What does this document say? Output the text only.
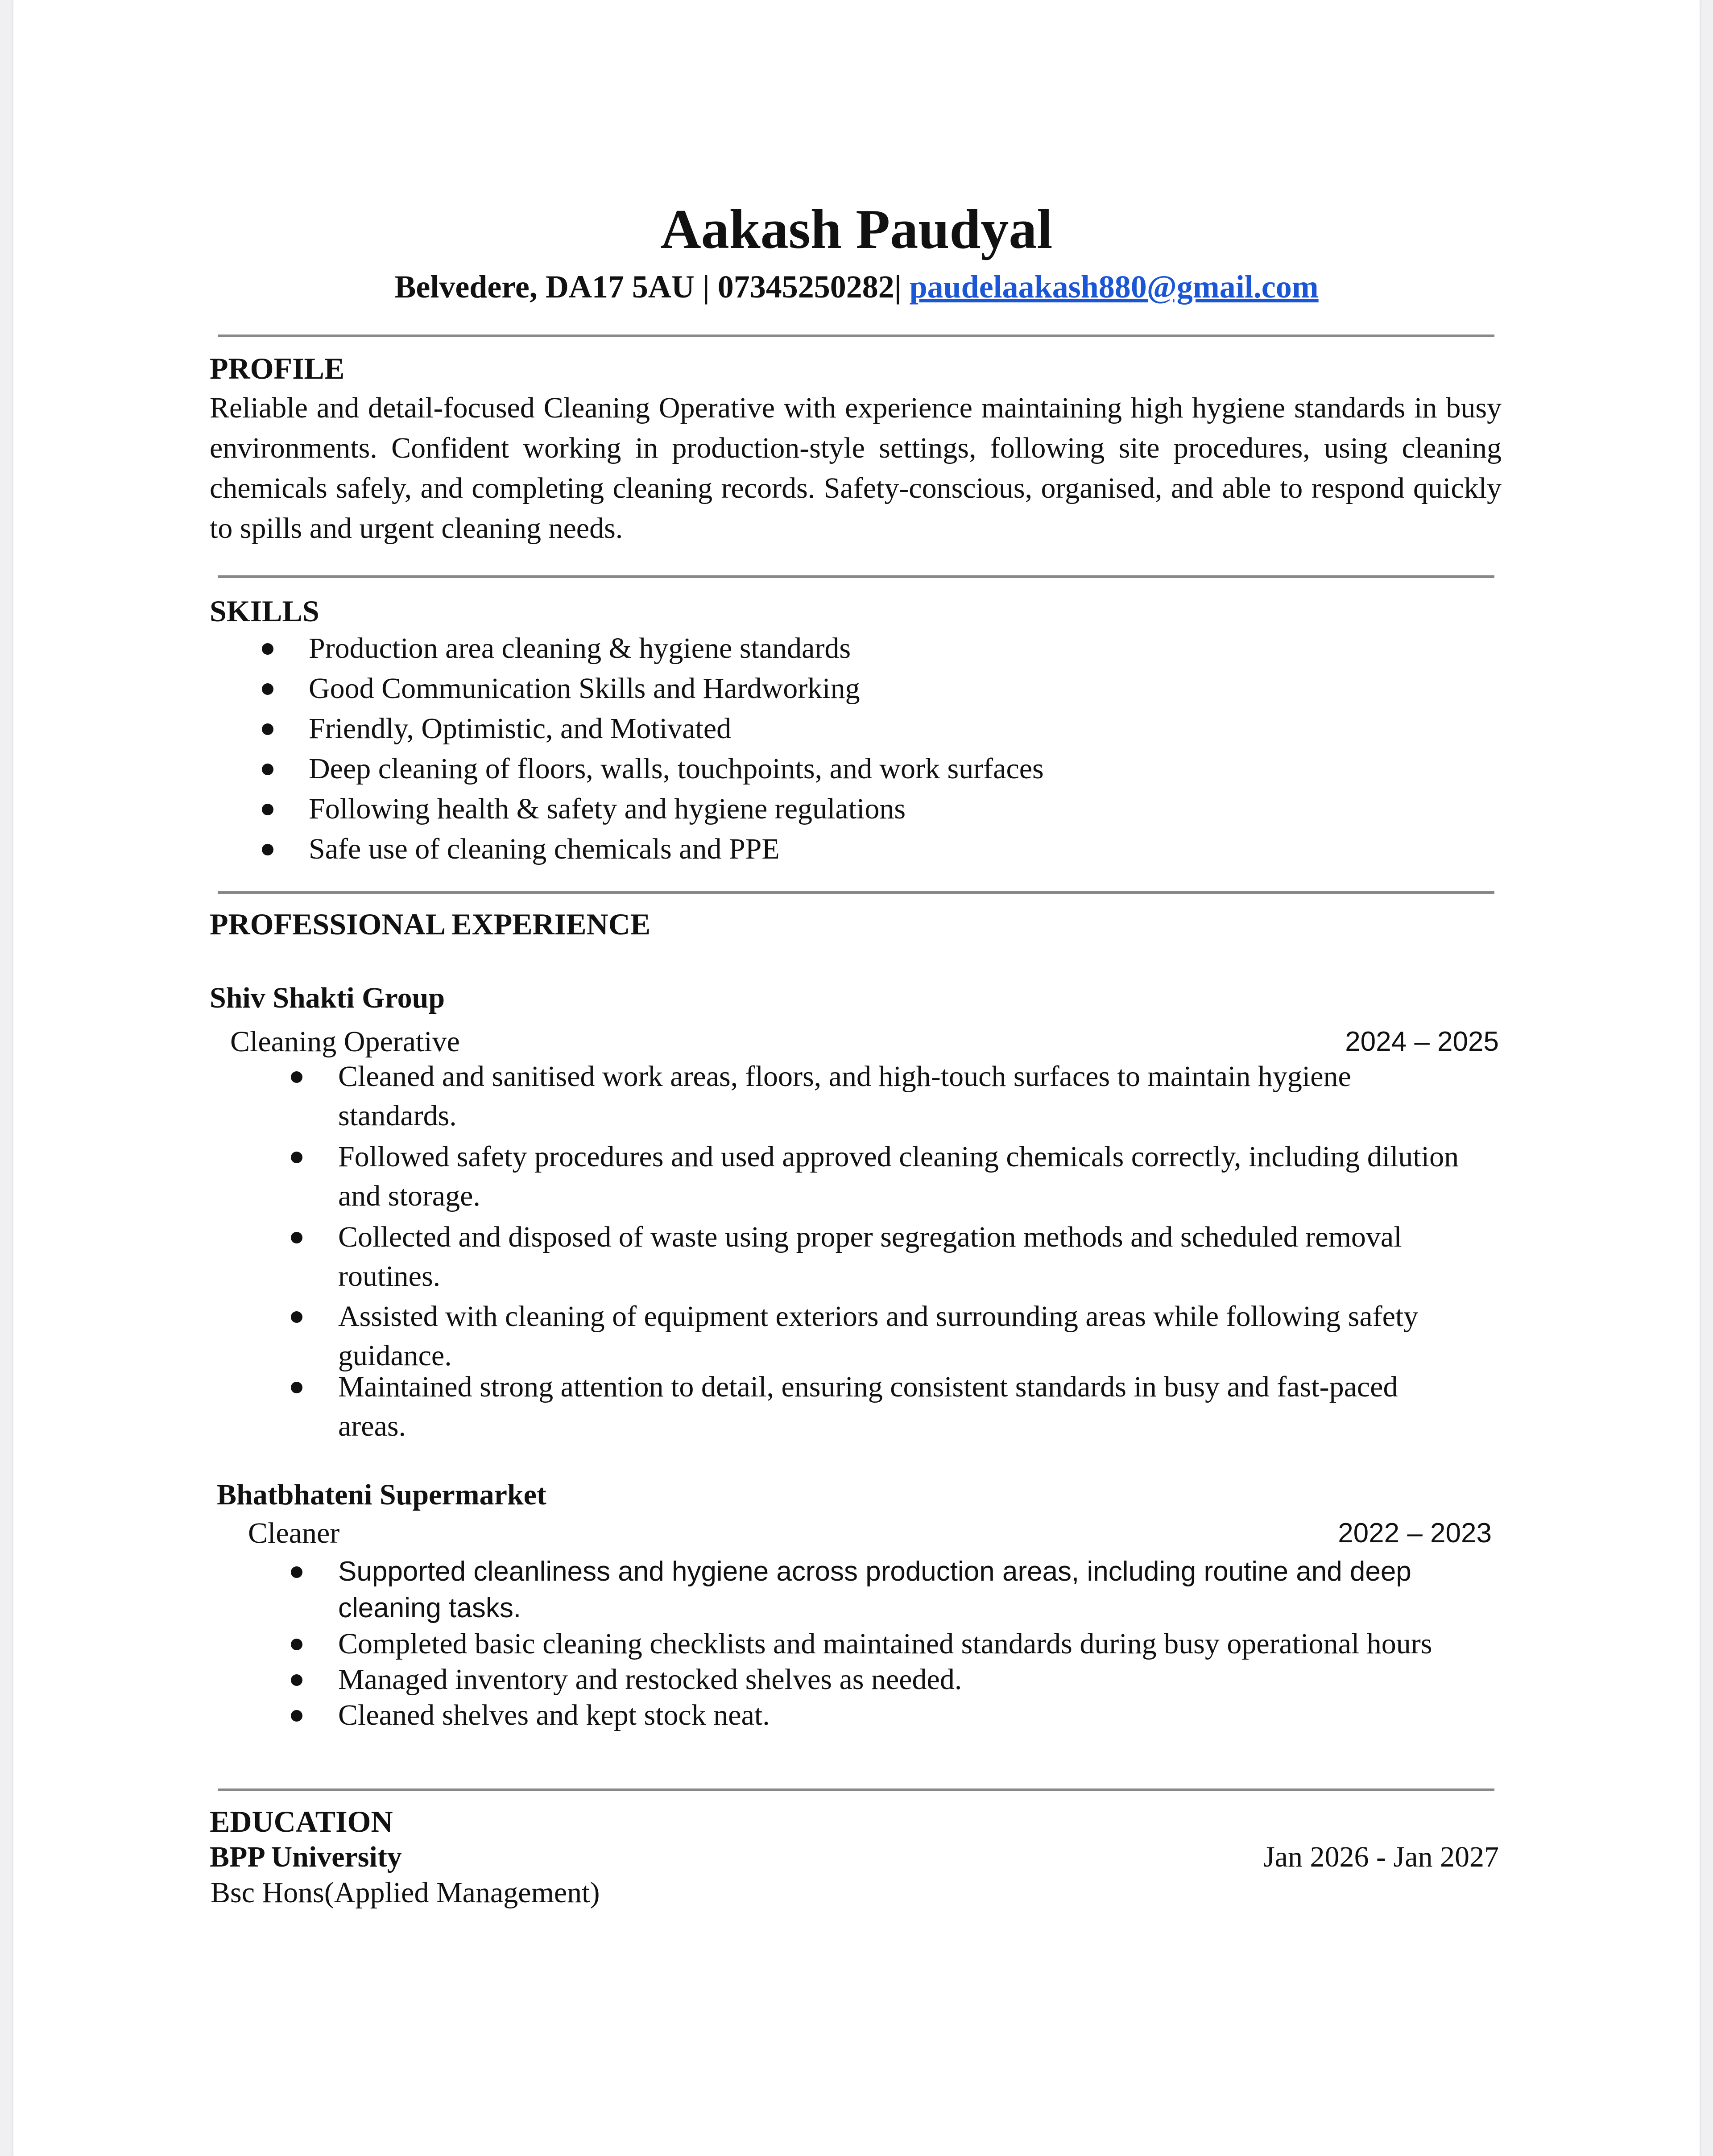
Aakash Paudyal
Belvedere, DA17 5AU | 07345250282| paudelaakash880@gmail.com
PROFILE
Reliable and detail-focused Cleaning Operative with experience maintaining high hygiene standards in busy environments. Confident working in production-style settings, following site procedures, using cleaning chemicals safely, and completing cleaning records. Safety-conscious, organised, and able to respond quickly to spills and urgent cleaning needs.
SKILLS
Production area cleaning & hygiene standards
Good Communication Skills and Hardworking
Friendly, Optimistic, and Motivated
Deep cleaning of floors, walls, touchpoints, and work surfaces
Following health & safety and hygiene regulations
Safe use of cleaning chemicals and PPE
PROFESSIONAL EXPERIENCE
Shiv Shakti Group
Cleaning Operative	2024 – 2025
Cleaned and sanitised work areas, floors, and high-touch surfaces to maintain hygiene
standards.
Followed safety procedures and used approved cleaning chemicals correctly, including dilution
and storage.
Collected and disposed of waste using proper segregation methods and scheduled removal
routines.
Assisted with cleaning of equipment exteriors and surrounding areas while following safety
guidance.
Maintained strong attention to detail, ensuring consistent standards in busy and fast-paced
areas.
Bhatbhateni Supermarket
Cleaner	2022 – 2023
Supported cleanliness and hygiene across production areas, including routine and deep
cleaning tasks.
Completed basic cleaning checklists and maintained standards during busy operational hours
Managed inventory and restocked shelves as needed.
Cleaned shelves and kept stock neat.
EDUCATION
BPP University	Jan 2026 - Jan 2027
Bsc Hons(Applied Management)
